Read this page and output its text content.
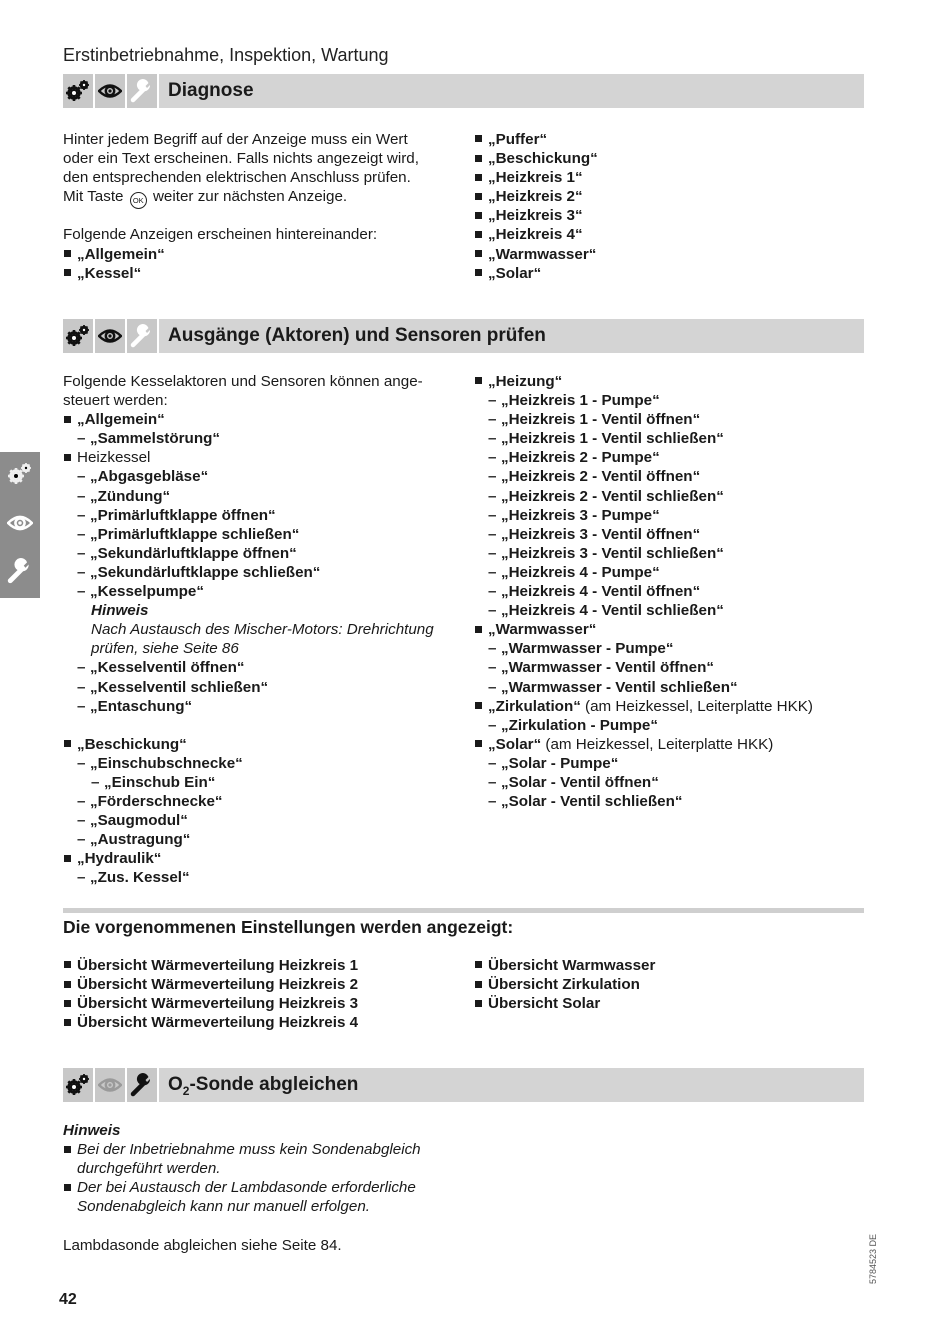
Erstinbetriebnahme, Inspektion, Wartung
Diagnose
Hinter jedem Begriff auf der Anzeige muss ein Wert
oder ein Text erscheinen. Falls nichts angezeigt wird,
den entsprechenden elektrischen Anschluss prüfen.
Mit Taste OK weiter zur nächsten Anzeige.
Folgende Anzeigen erscheinen hintereinander:
„Allgemein“
„Kessel“
„Puffer“
„Beschickung“
„Heizkreis 1“
„Heizkreis 2“
„Heizkreis 3“
„Heizkreis 4“
„Warmwasser“
„Solar“
Ausgänge (Aktoren) und Sensoren prüfen
Folgende Kesselaktoren und Sensoren können ange-
steuert werden:
„Allgemein“
– „Sammelstörung“
Heizkessel
– „Abgasgebläse“
– „Zündung“
– „Primärluftklappe öffnen“
– „Primärluftklappe schließen“
– „Sekundärluftklappe öffnen“
– „Sekundärluftklappe schließen“
– „Kesselpumpe“
Hinweis
Nach Austausch des Mischer-Motors: Drehrichtung
prüfen, siehe Seite 86
– „Kesselventil öffnen“
– „Kesselventil schließen“
– „Entaschung“
„Beschickung“
– „Einschubschnecke“
– „Einschub Ein“
– „Förderschnecke“
– „Saugmodul“
– „Austragung“
„Hydraulik“
– „Zus. Kessel“
„Heizung“
– „Heizkreis 1 - Pumpe“
– „Heizkreis 1 - Ventil öffnen“
– „Heizkreis 1 - Ventil schließen“
– „Heizkreis 2 - Pumpe“
– „Heizkreis 2 - Ventil öffnen“
– „Heizkreis 2 - Ventil schließen“
– „Heizkreis 3 - Pumpe“
– „Heizkreis 3 - Ventil öffnen“
– „Heizkreis 3 - Ventil schließen“
– „Heizkreis 4 - Pumpe“
– „Heizkreis 4 - Ventil öffnen“
– „Heizkreis 4 - Ventil schließen“
„Warmwasser“
– „Warmwasser - Pumpe“
– „Warmwasser - Ventil öffnen“
– „Warmwasser - Ventil schließen“
„Zirkulation“ (am Heizkessel, Leiterplatte HKK)
– „Zirkulation - Pumpe“
„Solar“ (am Heizkessel, Leiterplatte HKK)
– „Solar - Pumpe“
– „Solar - Ventil öffnen“
– „Solar - Ventil schließen“
Die vorgenommenen Einstellungen werden angezeigt:
Übersicht Wärmeverteilung Heizkreis 1
Übersicht Wärmeverteilung Heizkreis 2
Übersicht Wärmeverteilung Heizkreis 3
Übersicht Wärmeverteilung Heizkreis 4
Übersicht Warmwasser
Übersicht Zirkulation
Übersicht Solar
$O_2$-Sonde abgleichen
Hinweis
Bei der Inbetriebnahme muss kein Sondenabgleich
durchgeführt werden.
Der bei Austausch der Lambdasonde erforderliche
Sondenabgleich kann nur manuell erfolgen.
Lambdasonde abgleichen siehe Seite 84.
42
5784523 DE
